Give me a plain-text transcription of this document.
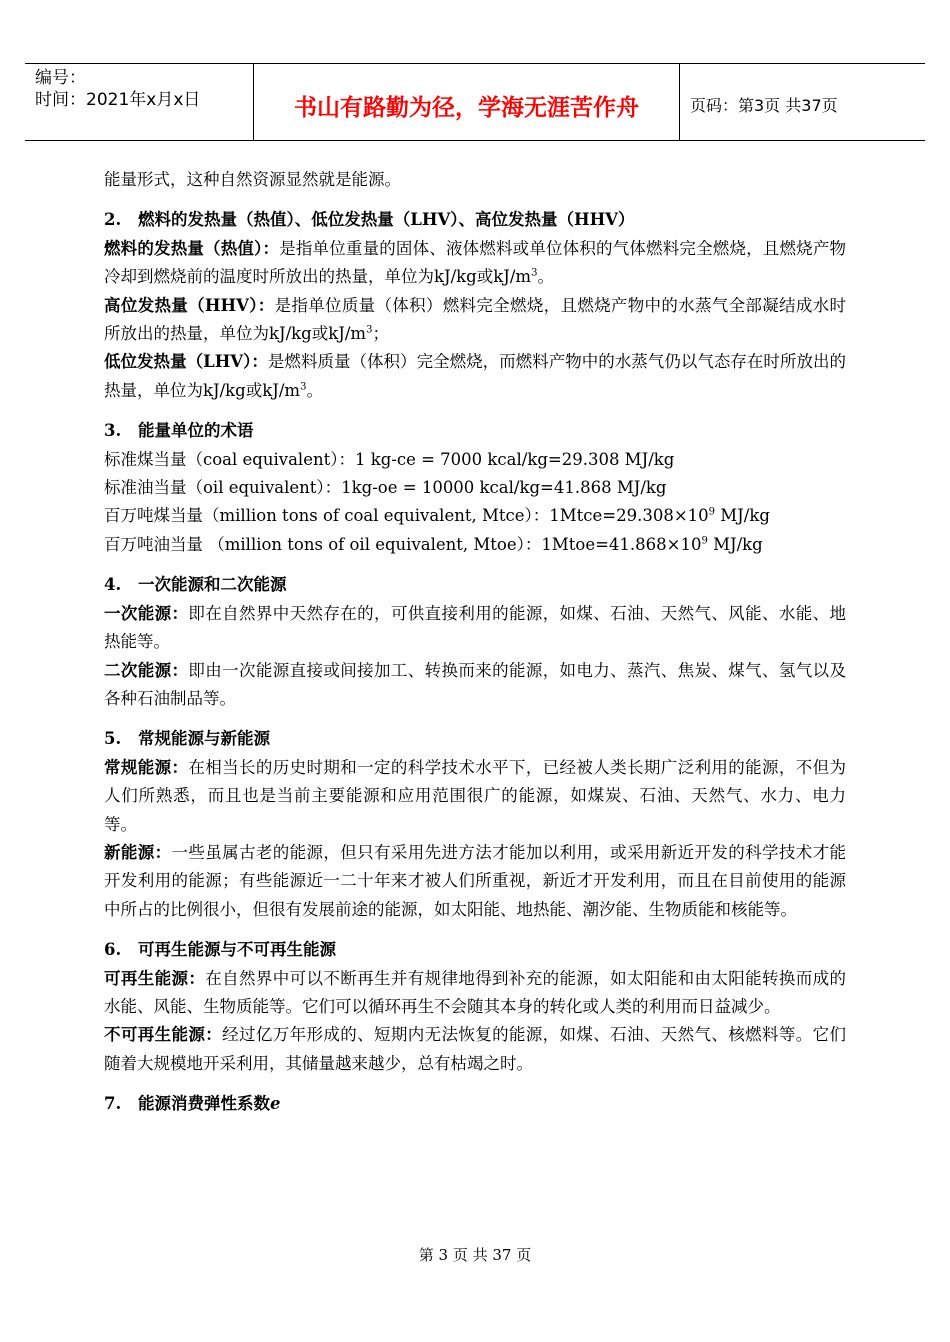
编号：
时间：2021年x月x日	书山有路勤为径，学海无涯苦作舟	页码：第3页 共37页

能量形式，这种自然资源显然就是能源。

2. 燃料的发热量（热值）、低位发热量（LHV）、高位发热量（HHV）

燃料的发热量（热值）：是指单位重量的固体、液体燃料或单位体积的气体燃料完全燃烧，且燃烧产物冷却到燃烧前的温度时所放出的热量，单位为kJ/kg或$kJ/m^3$。

高位发热量（HHV）：是指单位质量（体积）燃料完全燃烧，且燃烧产物中的水蒸气全部凝结成水时所放出的热量，单位为kJ/kg或$kJ/m^3$；

低位发热量（LHV）：是燃料质量（体积）完全燃烧，而燃料产物中的水蒸气仍以气态存在时所放出的热量，单位为kJ/kg或$kJ/m^3$。

3. 能量单位的术语

标准煤当量（coal equivalent）：1 kg-ce = 7000 kcal/kg=29.308 MJ/kg

标准油当量（oil equivalent）：1kg-oe = 10000 kcal/kg=41.868 MJ/kg

百万吨煤当量（million tons of coal equivalent, Mtce）：$1Mtce=29.308\times 10^9$ MJ/kg

百万吨油当量 （million tons of oil equivalent, Mtoe）：$1Mtoe=41.868\times 10^9$ MJ/kg

4. 一次能源和二次能源

一次能源：即在自然界中天然存在的，可供直接利用的能源，如煤、石油、天然气、风能、水能、地热能等。

二次能源：即由一次能源直接或间接加工、转换而来的能源，如电力、蒸汽、焦炭、煤气、氢气以及各种石油制品等。

5. 常规能源与新能源

常规能源：在相当长的历史时期和一定的科学技术水平下，已经被人类长期广泛利用的能源，不但为人们所熟悉，而且也是当前主要能源和应用范围很广的能源，如煤炭、石油、天然气、水力、电力等。

新能源：一些虽属古老的能源，但只有采用先进方法才能加以利用，或采用新近开发的科学技术才能开发利用的能源；有些能源近一二十年来才被人们所重视，新近才开发利用，而且在目前使用的能源中所占的比例很小，但很有发展前途的能源，如太阳能、地热能、潮汐能、生物质能和核能等。

6. 可再生能源与不可再生能源

可再生能源：在自然界中可以不断再生并有规律地得到补充的能源，如太阳能和由太阳能转换而成的水能、风能、生物质能等。它们可以循环再生不会随其本身的转化或人类的利用而日益减少。

不可再生能源：经过亿万年形成的、短期内无法恢复的能源，如煤、石油、天然气、核燃料等。它们随着大规模地开采利用，其储量越来越少，总有枯竭之时。

7. 能源消费弹性系数e

第 3 页 共 37 页
